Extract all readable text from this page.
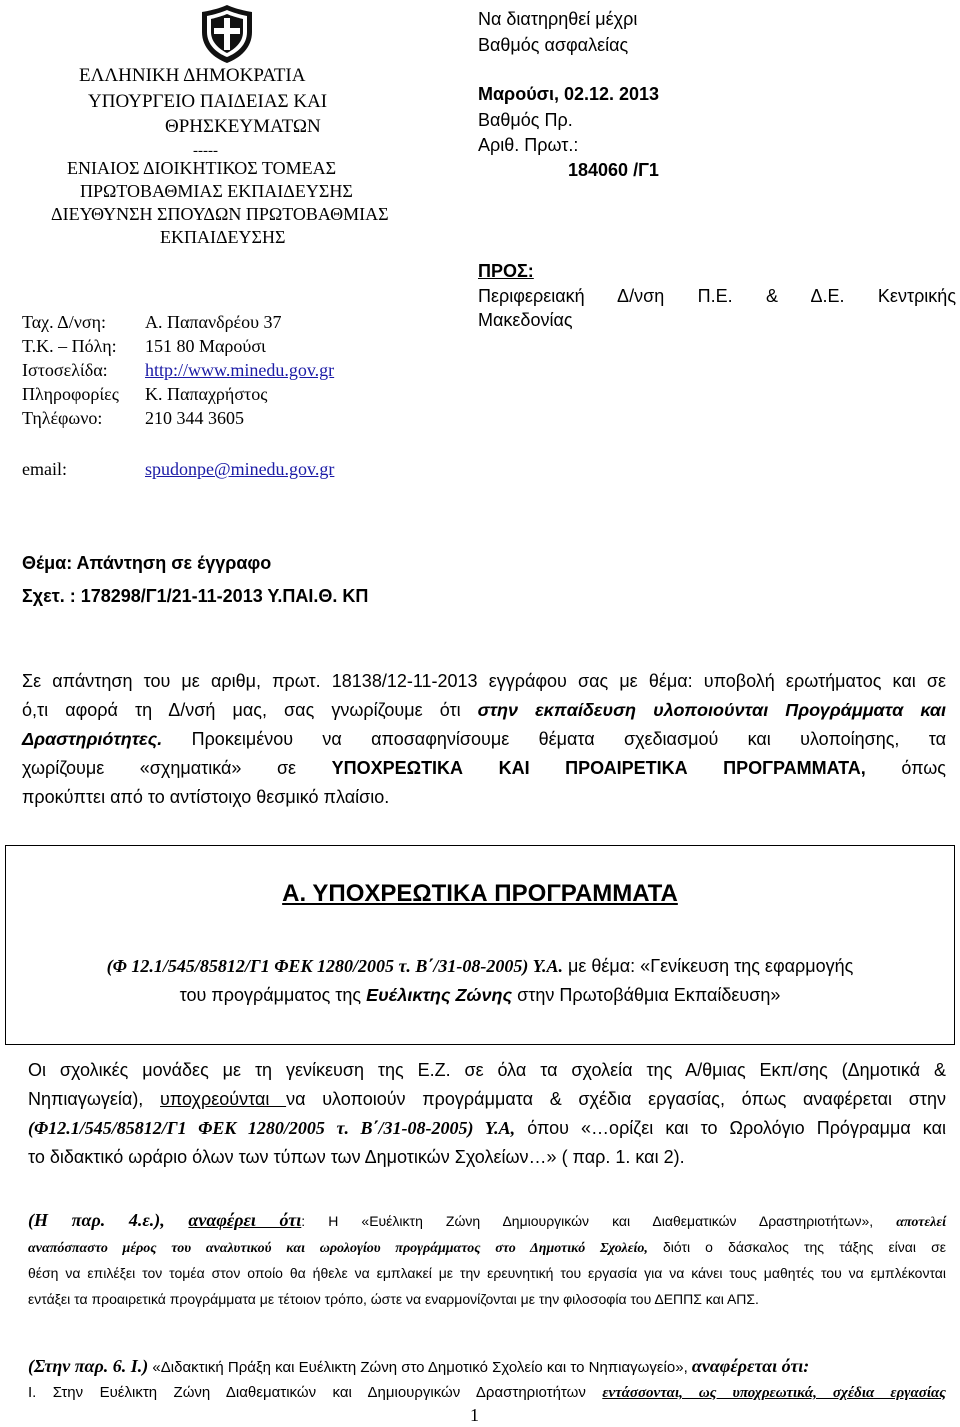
ΕΛΛΗΝΙΚΗ ΔΗΜΟΚΡΑΤΙΑ
ΥΠΟΥΡΓΕΙΟ ΠΑΙΔΕΙΑΣ ΚΑΙ
ΘΡΗΣΚΕΥΜΑΤΩΝ
-----
ΕΝΙΑΙΟΣ ΔΙΟΙΚΗΤΙΚΟΣ ΤΟΜΕΑΣ
ΠΡΩΤΟΒΑΘΜΙΑΣ ΕΚΠΑΙΔΕΥΣΗΣ
ΔΙΕΥΘΥΝΣΗ ΣΠΟΥΔΩΝ ΠΡΩΤΟΒΑΘΜΙΑΣ
ΕΚΠΑΙΔΕΥΣΗΣ
Ταχ. Δ/νση: Α. Παπανδρέου 37
Τ.Κ. – Πόλη: 151 80 Μαρούσι
Ιστοσελίδα: http://www.minedu.gov.gr
Πληροφορίες Κ. Παπαχρήστος
Τηλέφωνο: 210 344 3605
email:	spudonpe@minedu.gov.gr
Να διατηρηθεί μέχρι
Βαθμός ασφαλείας
Μαρούσι, 02.12. 2013
Βαθμός Πρ.
Αριθ. Πρωτ.:
184060 /Γ1
ΠΡΟΣ:
Περιφερειακή Δ/νση Π.Ε. & Δ.Ε. Κεντρικής
Μακεδονίας
Θέμα: Απάντηση σε έγγραφο
Σχετ. : 178298/Γ1/21-11-2013 Υ.ΠΑΙ.Θ. ΚΠ
Σε απάντηση του με αριθμ, πρωτ. 18138/12-11-2013 εγγράφου σας με θέμα: υποβολή ερωτήματος και σε
ό,τι αφορά τη Δ/νσή μας, σας γνωρίζουμε ότι στην εκπαίδευση υλοποιούνται Προγράμματα και
Δραστηριότητες. Προκειμένου να αποσαφηνίσουμε θέματα σχεδιασμού και υλοποίησης, τα
χωρίζουμε «σχηματικά» σε ΥΠΟΧΡΕΩΤΙΚΑ ΚΑΙ ΠΡΟΑΙΡΕΤΙΚΑ ΠΡΟΓΡΑΜΜΑΤΑ, όπως
προκύπτει από το αντίστοιχο θεσμικό πλαίσιο.
Α. ΥΠΟΧΡΕΩΤΙΚΑ ΠΡΟΓΡΑΜΜΑΤΑ
(Φ 12.1/545/85812/Γ1 ΦΕΚ 1280/2005 τ. Β΄/31-08-2005) Υ.Α. με θέμα: «Γενίκευση της εφαρμογής
του προγράμματος της Ευέλικτης Ζώνης στην Πρωτοβάθμια Εκπαίδευση»
Οι σχολικές μονάδες με τη γενίκευση της Ε.Ζ. σε όλα τα σχολεία της Α/θμιας Εκπ/σης (Δημοτικά &
Νηπιαγωγεία), υποχρεούνται να υλοποιούν προγράμματα & σχέδια εργασίας, όπως αναφέρεται στην
(Φ12.1/545/85812/Γ1 ΦΕΚ 1280/2005 τ. Β΄/31-08-2005) Υ.Α, όπου «…ορίζει και το Ωρολόγιο Πρόγραμμα και
το διδακτικό ωράριο όλων των τύπων των Δημοτικών Σχολείων…» ( παρ. 1. και 2).
(Η παρ. 4.ε.), αναφέρει ότι: Η «Ευέλικτη Ζώνη Δημιουργικών και Διαθεματικών Δραστηριοτήτων», αποτελεί
αναπόσπαστο μέρος του αναλυτικού και ωρολογίου προγράμματος στο Δημοτικό Σχολείο, διότι ο δάσκαλος της τάξης είναι σε
θέση να επιλέξει τον τομέα στον οποίο θα ήθελε να εμπλακεί με την ερευνητική του εργασία για να κάνει τους μαθητές του να εμπλέκονται
εντάξει τα προαιρετικά προγράμματα με τέτοιον τρόπο, ώστε να εναρμονίζονται με την φιλοσοφία του ΔΕΠΠΣ και ΑΠΣ.
(Στην παρ. 6. Ι.) «Διδακτική Πράξη και Ευέλικτη Ζώνη στο Δημοτικό Σχολείο και το Νηπιαγωγείο», αναφέρεται ότι:
Ι. Στην Ευέλικτη Ζώνη Διαθεματικών και Δημιουργικών Δραστηριοτήτων εντάσσονται, ως υποχρεωτικά, σχέδια εργασίας
1
